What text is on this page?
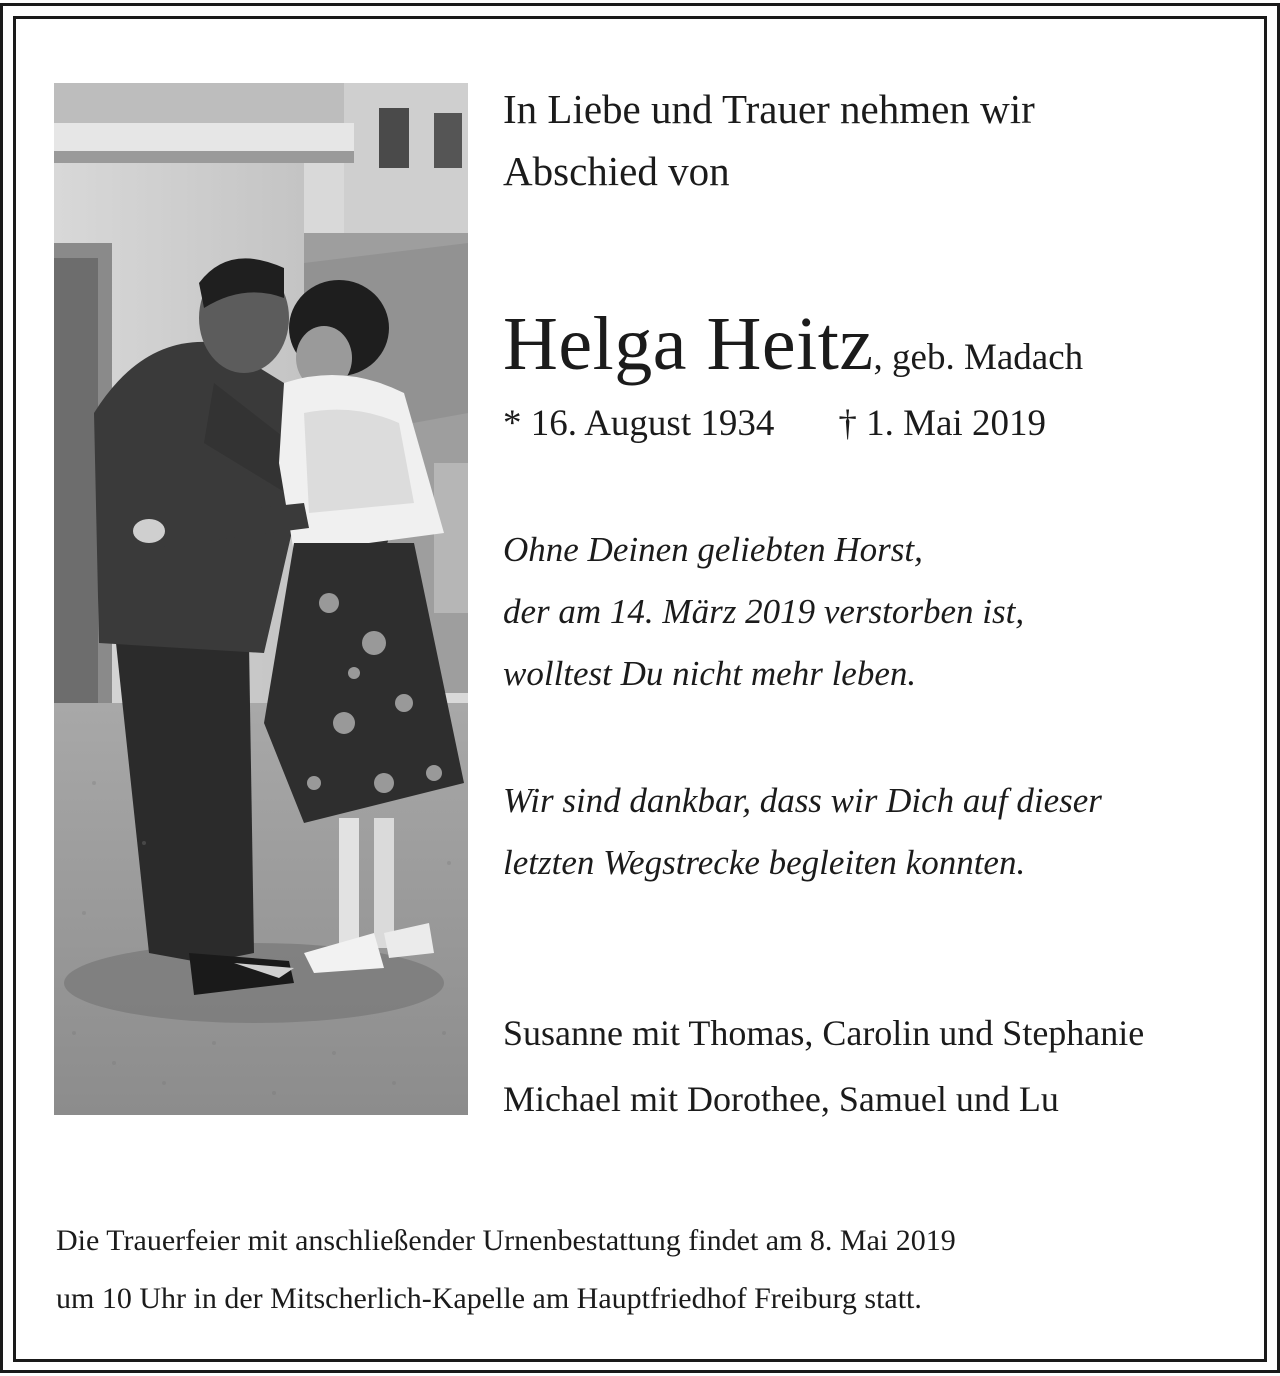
In Liebe und Trauer nehmen wir
Abschied von
Helga Heitz, geb. Madach
* 16. August 1934 † 1. Mai 2019
Ohne Deinen geliebten Horst,
der am 14. März 2019 verstorben ist,
wolltest Du nicht mehr leben.
Wir sind dankbar, dass wir Dich auf dieser
letzten Wegstrecke begleiten konnten.
Susanne mit Thomas, Carolin und Stephanie
Michael mit Dorothee, Samuel und Lu
Die Trauerfeier mit anschließender Urnenbestattung findet am 8. Mai 2019
um 10 Uhr in der Mitscherlich-Kapelle am Hauptfriedhof Freiburg statt.
